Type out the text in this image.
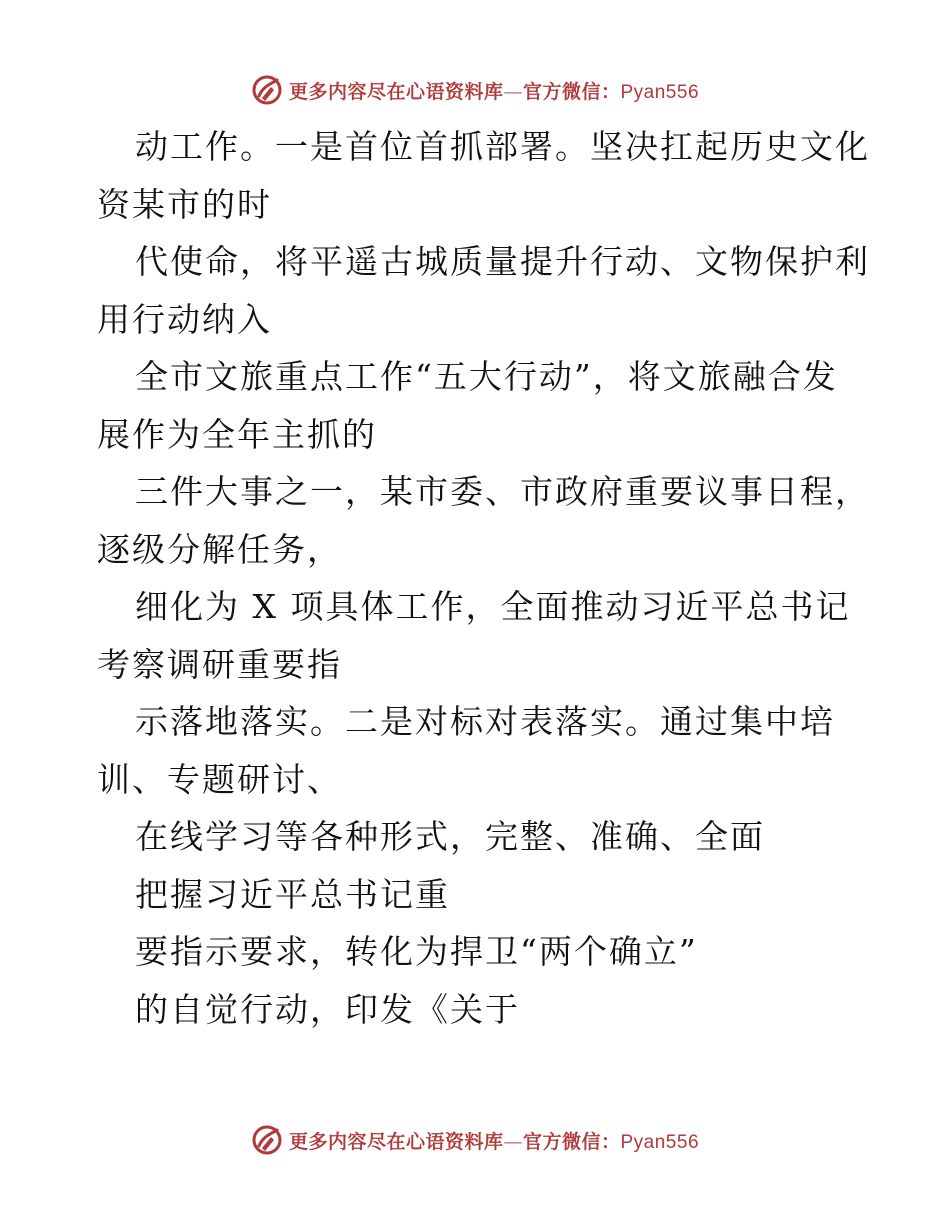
更多内容尽在心语资料库—官方微信：Pyan556
动工作。一是首位首抓部署。坚决扛起历史文化
资某市的时
代使命，将平遥古城质量提升行动、文物保护利
用行动纳入
全市文旅重点工作“五大行动”，将文旅融合发
展作为全年主抓的
三件大事之一，某市委、市政府重要议事日程，
逐级分解任务，
细化为 X 项具体工作，全面推动习近平总书记
考察调研重要指
示落地落实。二是对标对表落实。通过集中培
训、专题研讨、
在线学习等各种形式，完整、准确、全面
把握习近平总书记重
要指示要求，转化为捍卫“两个确立”
的自觉行动，印发《关于
更多内容尽在心语资料库—官方微信：Pyan556
